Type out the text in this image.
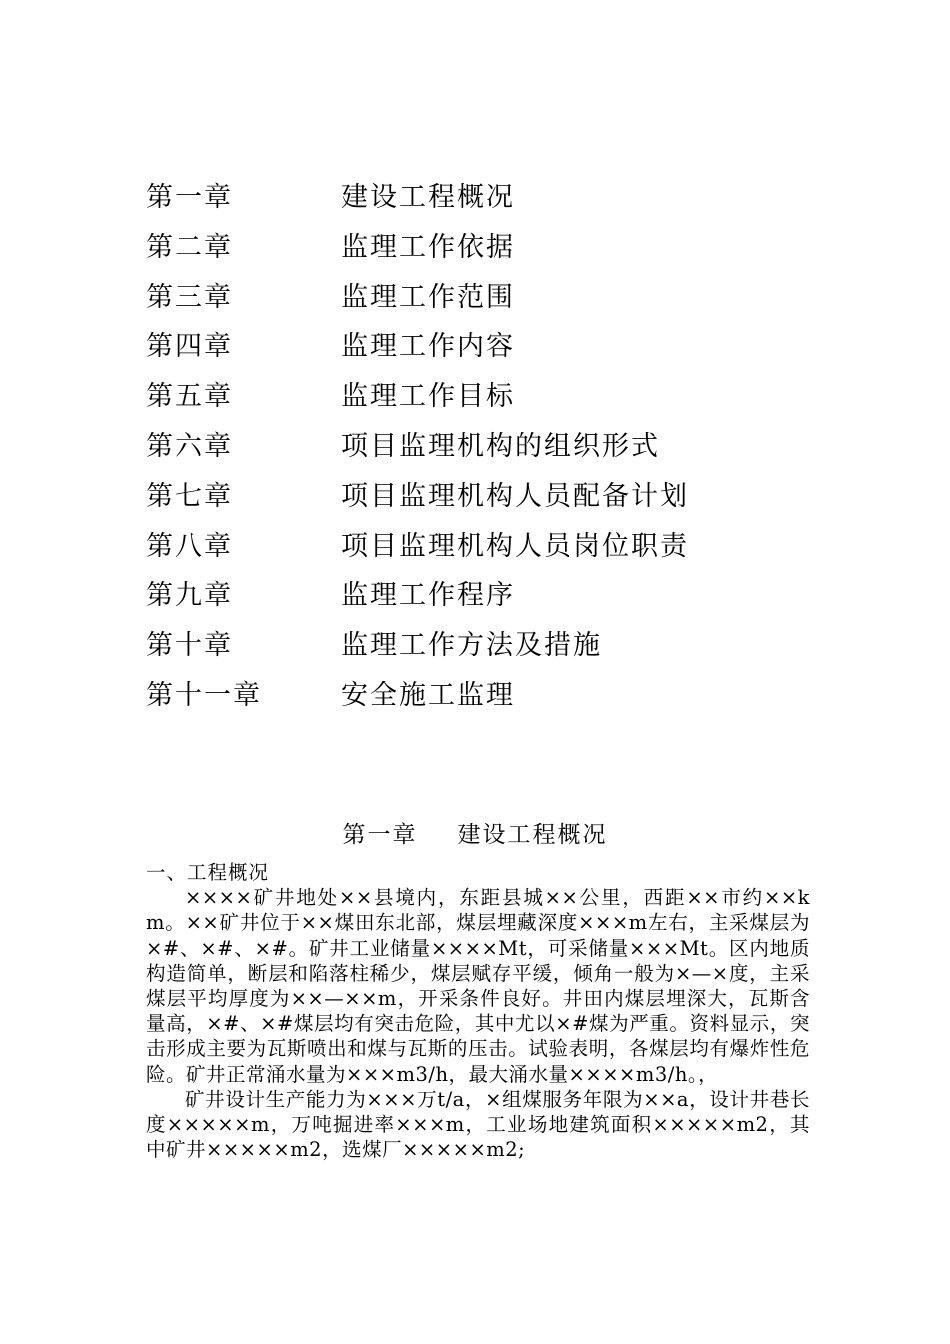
第一章	建设工程概况
第二章	监理工作依据
第三章	监理工作范围
第四章	监理工作内容
第五章	监理工作目标
第六章	项目监理机构的组织形式
第七章	项目监理机构人员配备计划
第八章	项目监理机构人员岗位职责
第九章	监理工作程序
第十章	监理工作方法及措施
第十一章	安全施工监理
第一章 建设工程概况

一、工程概况

××××矿井地处××县境内，东距县城××公里，西距××市约××km。××矿井位于××煤田东北部，煤层埋藏深度×××m左右，主采煤层为×#、×#、×#。矿井工业储量××××Mt，可采储量×××Mt。区内地质构造简单，断层和陷落柱稀少，煤层赋存平缓，倾角一般为×—×度，主采煤层平均厚度为××—××m，开采条件良好。井田内煤层埋深大，瓦斯含量高，×#、×#煤层均有突击危险，其中尤以×#煤为严重。资料显示，突击形成主要为瓦斯喷出和煤与瓦斯的压击。试验表明，各煤层均有爆炸性危险。矿井正常涌水量为×××m3/h，最大涌水量××××m3/h。，

矿井设计生产能力为×××万t/a，×组煤服务年限为××a，设计井巷长度×××××m，万吨掘进率×××m，工业场地建筑面积×××××m2，其中矿井×××××m2，选煤厂×××××m2;
